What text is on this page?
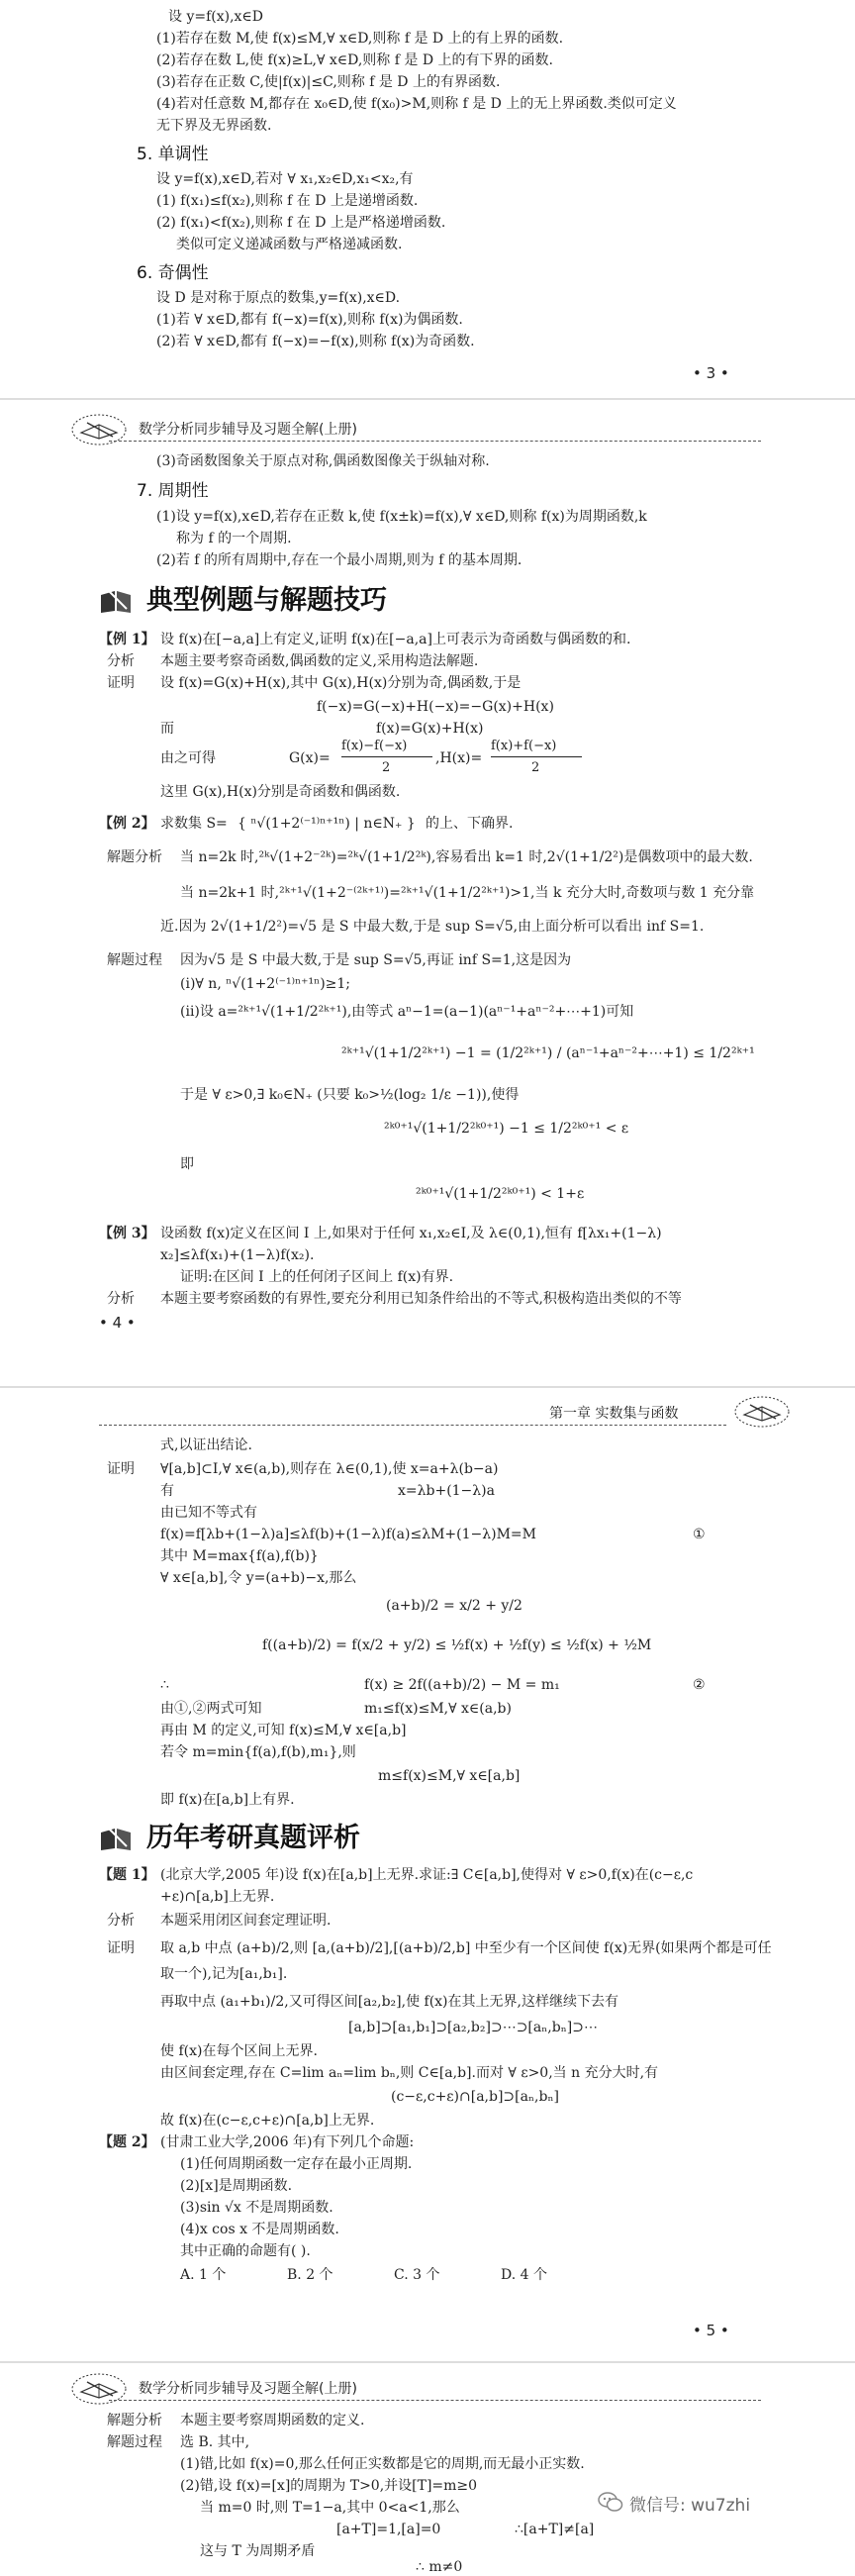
设 y=f(x),x∈D
(1)若存在数 M,使 f(x)≤M,∀ x∈D,则称 f 是 D 上的有上界的函数.
(2)若存在数 L,使 f(x)≥L,∀ x∈D,则称 f 是 D 上的有下界的函数.
(3)若存在正数 C,使|f(x)|≤C,则称 f 是 D 上的有界函数.
(4)若对任意数 M,都存在 x₀∈D,使 f(x₀)>M,则称 f 是 D 上的无上界函数.类似可定义
无下界及无界函数.
5. 单调性
设 y=f(x),x∈D,若对 ∀ x₁,x₂∈D,x₁<x₂,有
(1) f(x₁)≤f(x₂),则称 f 在 D 上是递增函数.
(2) f(x₁)<f(x₂),则称 f 在 D 上是严格递增函数.
类似可定义递减函数与严格递减函数.
6. 奇偶性
设 D 是对称于原点的数集,y=f(x),x∈D.
(1)若 ∀ x∈D,都有 f(−x)=f(x),则称 f(x)为偶函数.
(2)若 ∀ x∈D,都有 f(−x)=−f(x),则称 f(x)为奇函数.
• 3 •
数学分析同步辅导及习题全解(上册)
(3)奇函数图象关于原点对称,偶函数图像关于纵轴对称.
7. 周期性
(1)设 y=f(x),x∈D,若存在正数 k,使 f(x±k)=f(x),∀ x∈D,则称 f(x)为周期函数,k
称为 f 的一个周期.
(2)若 f 的所有周期中,存在一个最小周期,则为 f 的基本周期.
典型例题与解题技巧
【例 1】 设 f(x)在[−a,a]上有定义,证明 f(x)在[−a,a]上可表示为奇函数与偶函数的和.
分析 本题主要考察奇函数,偶函数的定义,采用构造法解题.
证明 设 f(x)=G(x)+H(x),其中 G(x),H(x)分别为奇,偶函数,于是
f(−x)=G(−x)+H(−x)=−G(x)+H(x)
而	f(x)=G(x)+H(x)
由之可得	G(x)=
f(x)−f(−x)
2
,H(x)=
f(x)+f(−x)
2
这里 G(x),H(x)分别是奇函数和偶函数.
【例 2】 求数集 S= { ⁿ√(1+2⁽⁻¹⁾ⁿ⁺¹ⁿ) | n∈N₊ } 的上、下确界.
解题分析 当 n=2k 时,²ᵏ√(1+2⁻²ᵏ)=²ᵏ√(1+1/2²ᵏ),容易看出 k=1 时,2√(1+1/2²)是偶数项中的最大数.
当 n=2k+1 时,²ᵏ⁺¹√(1+2⁻⁽²ᵏ⁺¹⁾)=²ᵏ⁺¹√(1+1/2²ᵏ⁺¹)>1,当 k 充分大时,奇数项与数 1 充分靠
近.因为 2√(1+1/2²)=√5 是 S 中最大数,于是 sup S=√5,由上面分析可以看出 inf S=1.
解题过程 因为√5 是 S 中最大数,于是 sup S=√5,再证 inf S=1,这是因为
(ⅰ)∀ n, ⁿ√(1+2⁽⁻¹⁾ⁿ⁺¹ⁿ)≥1;
(ⅱ)设 a=²ᵏ⁺¹√(1+1/2²ᵏ⁺¹),由等式 aⁿ−1=(a−1)(aⁿ⁻¹+aⁿ⁻²+⋯+1)可知
²ᵏ⁺¹√(1+1/2²ᵏ⁺¹) −1 = (1/2²ᵏ⁺¹) / (aⁿ⁻¹+aⁿ⁻²+⋯+1) ≤ 1/2²ᵏ⁺¹
于是 ∀ ε>0,∃ k₀∈N₊ (只要 k₀>½(log₂ 1/ε −1)),使得
²ᵏ⁰⁺¹√(1+1/2²ᵏ⁰⁺¹) −1 ≤ 1/2²ᵏ⁰⁺¹ < ε
即
²ᵏ⁰⁺¹√(1+1/2²ᵏ⁰⁺¹) < 1+ε
【例 3】 设函数 f(x)定义在区间 I 上,如果对于任何 x₁,x₂∈I,及 λ∈(0,1),恒有 f[λx₁+(1−λ)
x₂]≤λf(x₁)+(1−λ)f(x₂).
证明:在区间 I 上的任何闭子区间上 f(x)有界.
分析 本题主要考察函数的有界性,要充分利用已知条件给出的不等式,积极构造出类似的不等
• 4 •
第一章 实数集与函数
式,以证出结论.
证明 ∀[a,b]⊂I,∀ x∈(a,b),则存在 λ∈(0,1),使 x=a+λ(b−a)
有	x=λb+(1−λ)a
由已知不等式有
f(x)=f[λb+(1−λ)a]≤λf(b)+(1−λ)f(a)≤λM+(1−λ)M=M	①
其中 M=max{f(a),f(b)}
∀ x∈[a,b],令 y=(a+b)−x,那么
(a+b)/2 = x/2 + y/2
f((a+b)/2) = f(x/2 + y/2) ≤ ½f(x) + ½f(y) ≤ ½f(x) + ½M
∴	f(x) ≥ 2f((a+b)/2) − M = m₁	②
由①,②两式可知	m₁≤f(x)≤M,∀ x∈(a,b)
再由 M 的定义,可知 f(x)≤M,∀ x∈[a,b]
若令 m=min{f(a),f(b),m₁},则
m≤f(x)≤M,∀ x∈[a,b]
即 f(x)在[a,b]上有界.
历年考研真题评析
【题 1】 (北京大学,2005 年)设 f(x)在[a,b]上无界.求证:∃ C∈[a,b],使得对 ∀ ε>0,f(x)在(c−ε,c
+ε)∩[a,b]上无界.
分析 本题采用闭区间套定理证明.
证明 取 a,b 中点 (a+b)/2,则 [a,(a+b)/2],[(a+b)/2,b] 中至少有一个区间使 f(x)无界(如果两个都是可任
取一个),记为[a₁,b₁].
再取中点 (a₁+b₁)/2,又可得区间[a₂,b₂],使 f(x)在其上无界,这样继续下去有
[a,b]⊃[a₁,b₁]⊃[a₂,b₂]⊃⋯⊃[aₙ,bₙ]⊃⋯
使 f(x)在每个区间上无界.
由区间套定理,存在 C=lim aₙ=lim bₙ,则 C∈[a,b].而对 ∀ ε>0,当 n 充分大时,有
(c−ε,c+ε)∩[a,b]⊃[aₙ,bₙ]
故 f(x)在(c−ε,c+ε)∩[a,b]上无界.
【题 2】 (甘肃工业大学,2006 年)有下列几个命题:
(1)任何周期函数一定存在最小正周期.
(2)[x]是周期函数.
(3)sin √x 不是周期函数.
(4)x cos x 不是周期函数.
其中正确的命题有( ).
A. 1 个	B. 2 个	C. 3 个	D. 4 个
• 5 •
数学分析同步辅导及习题全解(上册)
解题分析 本题主要考察周期函数的定义.
解题过程 选 B. 其中,
(1)错,比如 f(x)=0,那么任何正实数都是它的周期,而无最小正实数.
(2)错,设 f(x)=[x]的周期为 T>0,并设[T]=m≥0
当 m=0 时,则 T=1−a,其中 0<a<1,那么
[a+T]=1,[a]=0	∴[a+T]≠[a]
这与 T 为周期矛盾
∴ m≠0
微信号: wu7zhi
